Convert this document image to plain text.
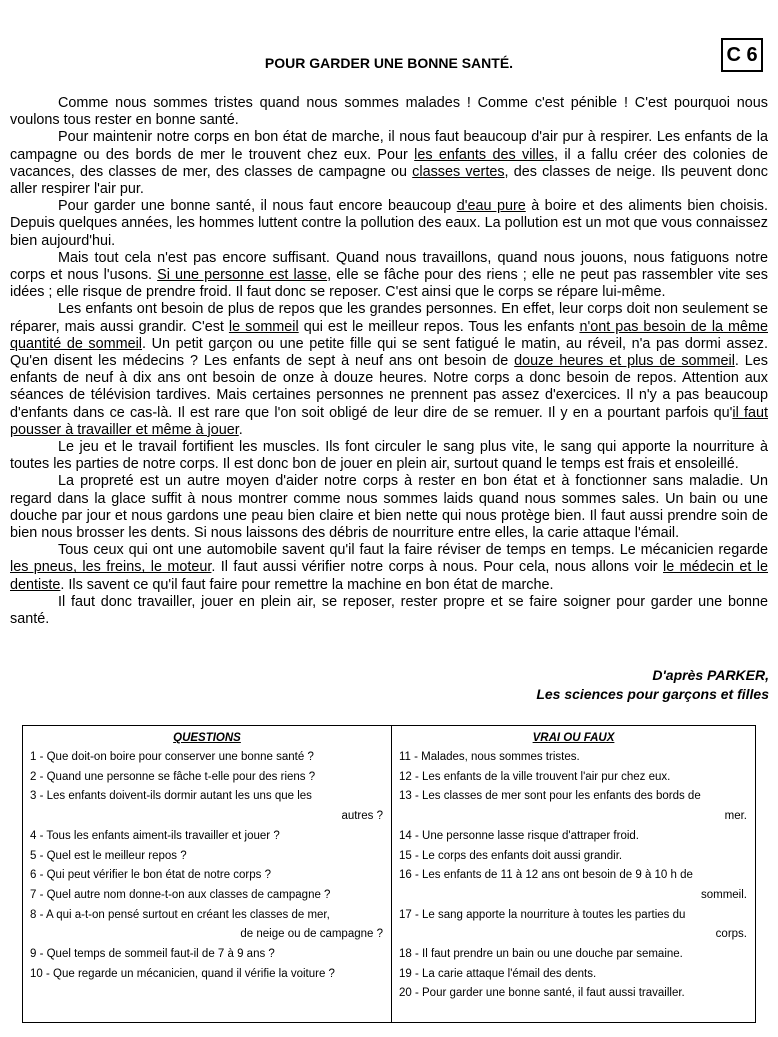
POUR GARDER UNE BONNE SANTÉ.	C 6

Comme nous sommes tristes quand nous sommes malades ! Comme c'est pénible ! C'est pourquoi nous voulons tous rester en bonne santé.

Pour maintenir notre corps en bon état de marche, il nous faut beaucoup d'air pur à respirer. Les enfants de la campagne ou des bords de mer le trouvent chez eux. Pour les enfants des villes, il a fallu créer des colonies de vacances, des classes de mer, des classes de campagne ou classes vertes, des classes de neige. Ils peuvent donc aller respirer l'air pur.

Pour garder une bonne santé, il nous faut encore beaucoup d'eau pure à boire et des aliments bien choisis. Depuis quelques années, les hommes luttent contre la pollution des eaux. La pollution est un mot que vous connaissez bien aujourd'hui.

Mais tout cela n'est pas encore suffisant. Quand nous travaillons, quand nous jouons, nous fatiguons notre corps et nous l'usons. Si une personne est lasse, elle se fâche pour des riens ; elle ne peut pas rassembler vite ses idées ; elle risque de prendre froid. Il faut donc se reposer. C'est ainsi que le corps se répare lui-même.

Les enfants ont besoin de plus de repos que les grandes personnes. En effet, leur corps doit non seulement se réparer, mais aussi grandir. C'est le sommeil qui est le meilleur repos. Tous les enfants n'ont pas besoin de la même quantité de sommeil. Un petit garçon ou une petite fille qui se sent fatigué le matin, au réveil, n'a pas dormi assez. Qu'en disent les médecins ? Les enfants de sept à neuf ans ont besoin de douze heures et plus de sommeil. Les enfants de neuf à dix ans ont besoin de onze à douze heures. Notre corps a donc besoin de repos. Attention aux séances de télévision tardives. Mais certaines personnes ne prennent pas assez d'exercices. Il n'y a pas beaucoup d'enfants dans ce cas-là. Il est rare que l'on soit obligé de leur dire de se remuer. Il y en a pourtant parfois qu'il faut pousser à travailler et même à jouer.

Le jeu et le travail fortifient les muscles. Ils font circuler le sang plus vite, le sang qui apporte la nourriture à toutes les parties de notre corps. Il est donc bon de jouer en plein air, surtout quand le temps est frais et ensoleillé.

La propreté est un autre moyen d'aider notre corps à rester en bon état et à fonctionner sans maladie. Un regard dans la glace suffit à nous montrer comme nous sommes laids quand nous sommes sales. Un bain ou une douche par jour et nous gardons une peau bien claire et bien nette qui nous protège bien. Il faut aussi prendre soin de bien nous brosser les dents. Si nous laissons des débris de nourriture entre elles, la carie attaque l'émail.

Tous ceux qui ont une automobile savent qu'il faut la faire réviser de temps en temps. Le mécanicien regarde les pneus, les freins, le moteur. Il faut aussi vérifier notre corps à nous. Pour cela, nous allons voir le médecin et le dentiste. Ils savent ce qu'il faut faire pour remettre la machine en bon état de marche.

Il faut donc travailler, jouer en plein air, se reposer, rester propre et se faire soigner pour garder une bonne santé.

D'après PARKER,
Les sciences pour garçons et filles
QUESTIONS
1 - Que doit-on boire pour conserver une bonne santé ?
2 - Quand une personne se fâche t-elle pour des riens ?
3 - Les enfants doivent-ils dormir autant les uns que les
autres ?
4 - Tous les enfants aiment-ils travailler et jouer ?
5 - Quel est le meilleur repos ?
6 - Qui peut vérifier le bon état de notre corps ?
7 - Quel autre nom donne-t-on aux classes de campagne ?
8 - A qui a-t-on pensé surtout en créant les classes de mer,
de neige ou de campagne ?
9 - Quel temps de sommeil faut-il de 7 à 9 ans ?
10 - Que regarde un mécanicien, quand il vérifie la voiture ?
VRAI OU FAUX
11 - Malades, nous sommes tristes.
12 - Les enfants de la ville trouvent l'air pur chez eux.
13 - Les classes de mer sont pour les enfants des bords de
mer.
14 - Une personne lasse risque d'attraper froid.
15 - Le corps des enfants doit aussi grandir.
16 - Les enfants de 11 à 12 ans ont besoin de 9 à 10 h de
sommeil.
17 - Le sang apporte la nourriture à toutes les parties du
corps.
18 - Il faut prendre un bain ou une douche par semaine.
19 - La carie attaque l'émail des dents.
20 - Pour garder une bonne santé, il faut aussi travailler.
